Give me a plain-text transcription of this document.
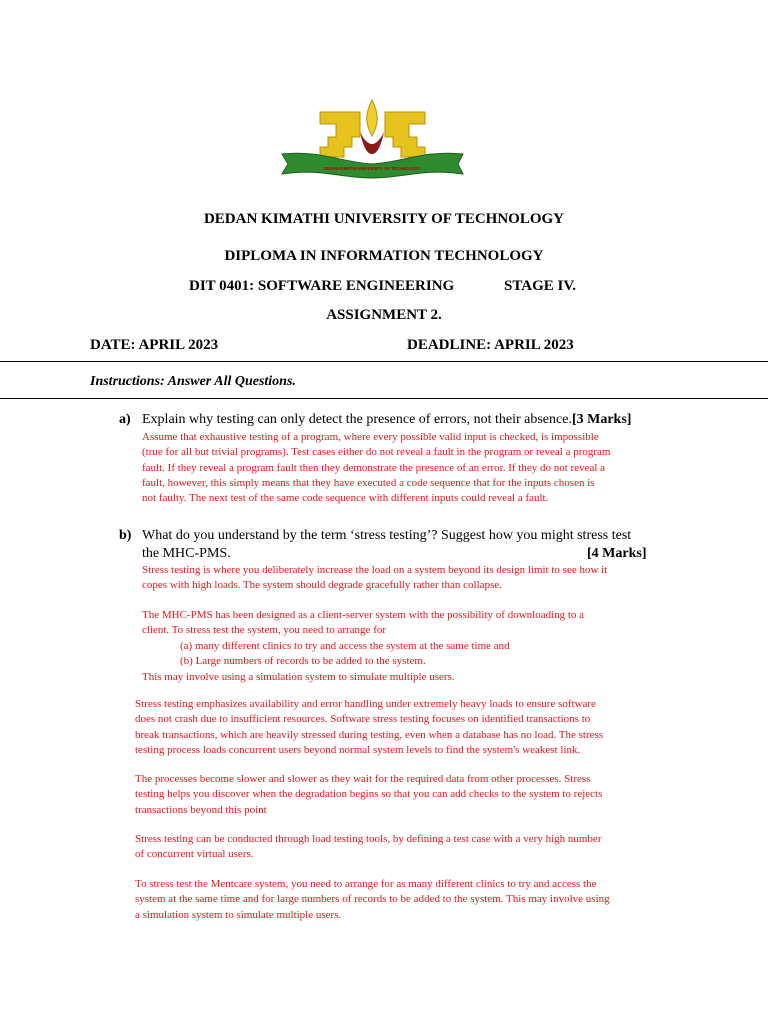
DEDAN KIMATHI UNIVERSITY OF TECHNOLOGY
DEDAN KIMATHI UNIVERSITY OF TECHNOLOGY
DIPLOMA IN INFORMATION TECHNOLOGY
DIT 0401: SOFTWARE ENGINEERING	STAGE IV.
ASSIGNMENT 2.
DATE: APRIL 2023	DEADLINE: APRIL 2023
Instructions: Answer All Questions.
a) Explain why testing can only detect the presence of errors, not their absence.[3 Marks]
Assume that exhaustive testing of a program, where every possible valid input is checked, is impossible
(true for all but trivial programs). Test cases either do not reveal a fault in the program or reveal a program
fault. If they reveal a program fault then they demonstrate the presence of an error. If they do not reveal a
fault, however, this simply means that they have executed a code sequence that for the inputs chosen is
not faulty. The next test of the same code sequence with different inputs could reveal a fault.
b) What do you understand by the term ‘stress testing’? Suggest how you might stress test
the MHC-PMS.	[4 Marks]
Stress testing is where you deliberately increase the load on a system beyond its design limit to see how it
copes with high loads. The system should degrade gracefully rather than collapse.
The MHC-PMS has been designed as a client-server system with the possibility of downloading to a
client. To stress test the system, you need to arrange for
(a) many different clinics to try and access the system at the same time and
(b) Large numbers of records to be added to the system.
This may involve using a simulation system to simulate multiple users.
Stress testing emphasizes availability and error handling under extremely heavy loads to ensure software
does not crash due to insufficient resources. Software stress testing focuses on identified transactions to
break transactions, which are heavily stressed during testing, even when a database has no load. The stress
testing process loads concurrent users beyond normal system levels to find the system's weakest link.
The processes become slower and slower as they wait for the required data from other processes. Stress
testing helps you discover when the degradation begins so that you can add checks to the system to rejects
transactions beyond this point
Stress testing can be conducted through load testing tools, by defining a test case with a very high number
of concurrent virtual users.
To stress test the Mentcare system, you need to arrange for as many different clinics to try and access the
system at the same time and for large numbers of records to be added to the system. This may involve using
a simulation system to simulate multiple users.
